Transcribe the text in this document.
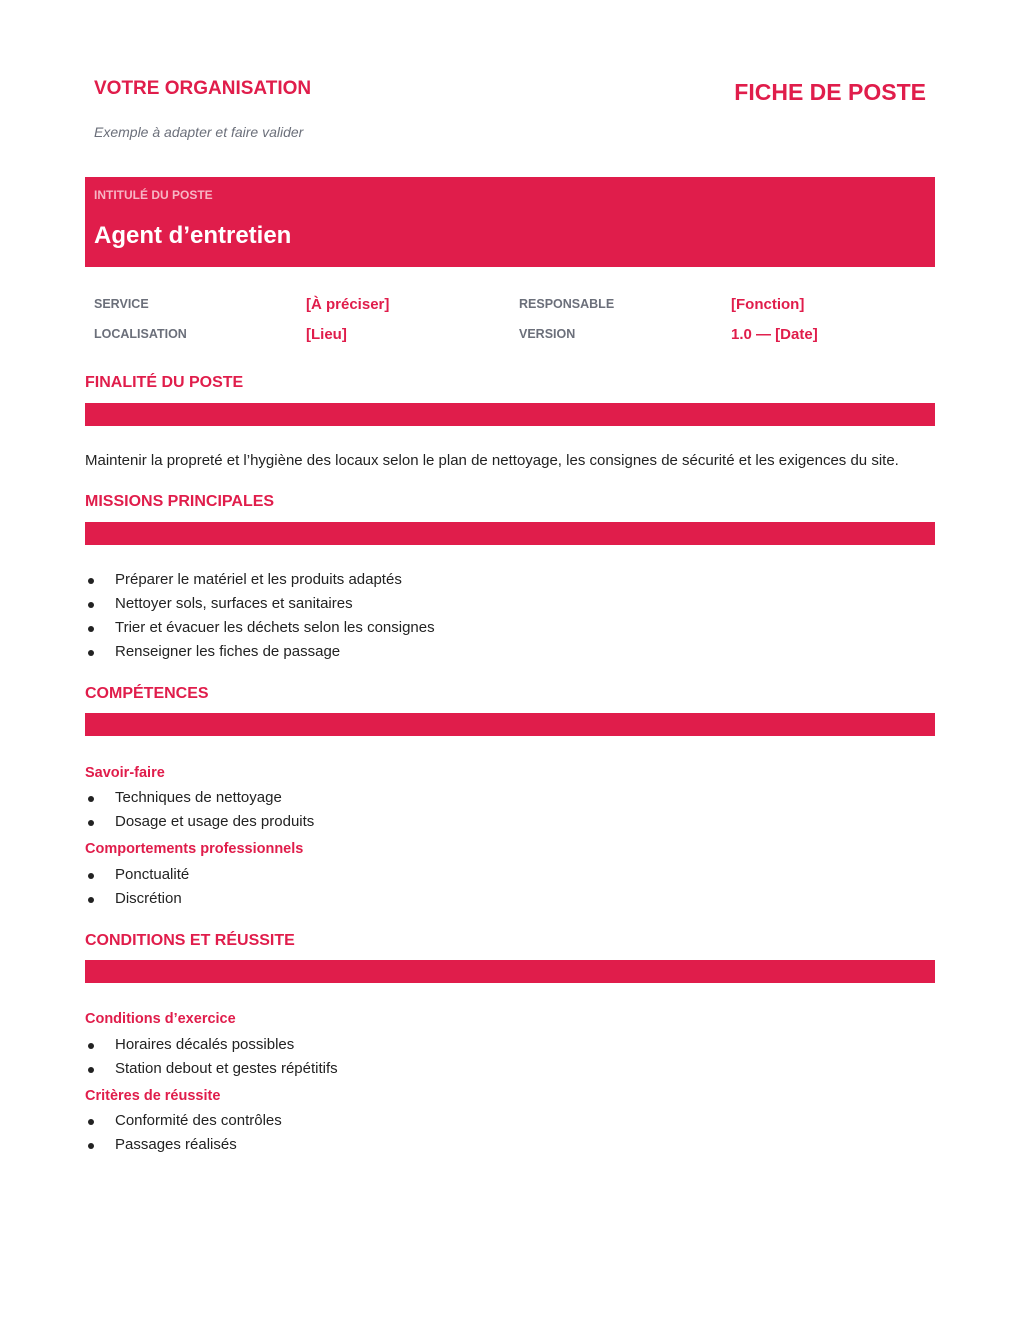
VOTRE ORGANISATION
Exemple à adapter et faire valider
FICHE DE POSTE
INTITULÉ DU POSTE
Agent d’entretien
SERVICE	[À préciser]	RESPONSABLE	[Fonction]
LOCALISATION	[Lieu]	VERSION	1.0 — [Date]
FINALITÉ DU POSTE
Maintenir la propreté et l’hygiène des locaux selon le plan de nettoyage, les consignes de sécurité et les exigences du site.
MISSIONS PRINCIPALES
Préparer le matériel et les produits adaptés
Nettoyer sols, surfaces et sanitaires
Trier et évacuer les déchets selon les consignes
Renseigner les fiches de passage
COMPÉTENCES
Savoir-faire
Techniques de nettoyage
Dosage et usage des produits
Comportements professionnels
Ponctualité
Discrétion
CONDITIONS ET RÉUSSITE
Conditions d’exercice
Horaires décalés possibles
Station debout et gestes répétitifs
Critères de réussite
Conformité des contrôles
Passages réalisés
